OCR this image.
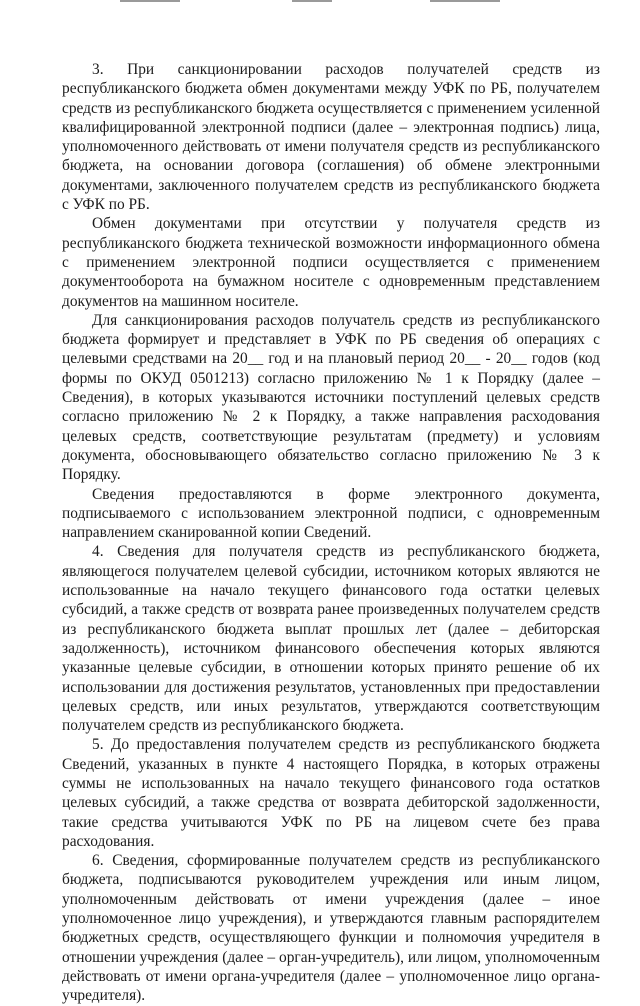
3. При санкционировании расходов получателей средств из республиканского бюджета обмен документами между УФК по РБ, получателем средств из республиканского бюджета осуществляется с применением усиленной квалифицированной электронной подписи (далее – электронная подпись) лица, уполномоченного действовать от имени получателя средств из республиканского бюджета, на основании договора (соглашения) об обмене электронными документами, заключенного получателем средств из республиканского бюджета с УФК по РБ.

Обмен документами при отсутствии у получателя средств из республиканского бюджета технической возможности информационного обмена с применением электронной подписи осуществляется с применением документооборота на бумажном носителе с одновременным представлением документов на машинном носителе.

Для санкционирования расходов получатель средств из республиканского бюджета формирует и представляет в УФК по РБ сведения об операциях с целевыми средствами на 20__ год и на плановый период 20__ - 20__ годов (код формы по ОКУД 0501213) согласно приложению № 1 к Порядку (далее – Сведения), в которых указываются источники поступлений целевых средств согласно приложению № 2 к Порядку, а также направления расходования целевых средств, соответствующие результатам (предмету) и условиям документа, обосновывающего обязательство согласно приложению № 3 к Порядку.

Сведения предоставляются в форме электронного документа, подписываемого с использованием электронной подписи, с одновременным направлением сканированной копии Сведений.

4. Сведения для получателя средств из республиканского бюджета, являющегося получателем целевой субсидии, источником которых являются не использованные на начало текущего финансового года остатки целевых субсидий, а также средств от возврата ранее произведенных получателем средств из республиканского бюджета выплат прошлых лет (далее – дебиторская задолженность), источником финансового обеспечения которых являются указанные целевые субсидии, в отношении которых принято решение об их использовании для достижения результатов, установленных при предоставлении целевых средств, или иных результатов, утверждаются соответствующим получателем средств из республиканского бюджета.

5. До предоставления получателем средств из республиканского бюджета Сведений, указанных в пункте 4 настоящего Порядка, в которых отражены суммы не использованных на начало текущего финансового года остатков целевых субсидий, а также средства от возврата дебиторской задолженности, такие средства учитываются УФК по РБ на лицевом счете без права расходования.

6. Сведения, сформированные получателем средств из республиканского бюджета, подписываются руководителем учреждения или иным лицом, уполномоченным действовать от имени учреждения (далее – иное уполномоченное лицо учреждения), и утверждаются главным распорядителем бюджетных средств, осуществляющего функции и полномочия учредителя в отношении учреждения (далее – орган-учредитель), или лицом, уполномоченным действовать от имени органа-учредителя (далее – уполномоченное лицо органа-учредителя).
